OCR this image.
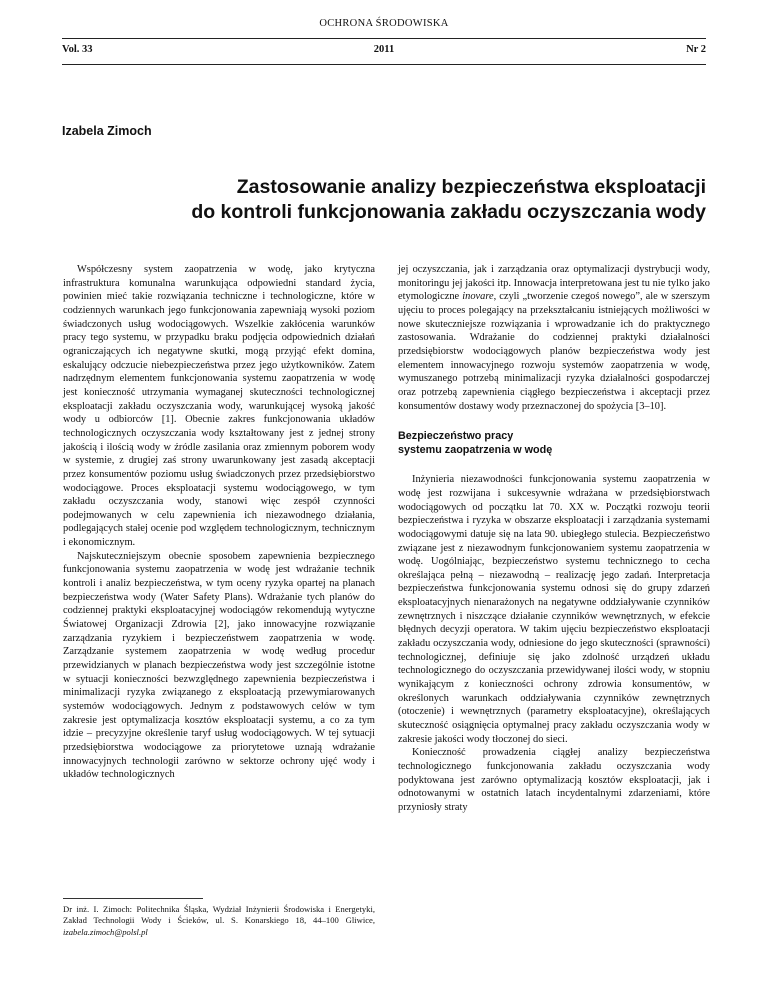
OCHRONA ŚRODOWISKA
Vol. 33	2011	Nr 2
Izabela Zimoch
Zastosowanie analizy bezpieczeństwa eksploatacji
do kontroli funkcjonowania zakładu oczyszczania wody

Współczesny system zaopatrzenia w wodę, jako krytyczna infrastruktura komunalna warunkująca odpowiedni standard życia, powinien mieć takie rozwiązania techniczne i technologiczne, które w codziennych warunkach jego funkcjonowania zapewniają wysoki poziom świadczonych usług wodociągowych. Wszelkie zakłócenia warunków pracy tego systemu, w przypadku braku podjęcia odpowiednich działań ograniczających ich negatywne skutki, mogą przyjąć efekt domina, eskalujący odczucie niebezpieczeństwa przez jego użytkowników. Zatem nadrzędnym elementem funkcjonowania systemu zaopatrzenia w wodę jest konieczność utrzymania wymaganej skuteczności technologicznej eksploatacji zakładu oczyszczania wody, warunkującej wysoką jakość wody u odbiorców [1]. Obecnie zakres funkcjonowania układów technologicznych oczyszczania wody kształtowany jest z jednej strony jakością i ilością wody w źródle zasilania oraz zmiennym poborem wody w systemie, z drugiej zaś strony uwarunkowany jest zasadą akceptacji przez konsumentów poziomu usług świadczonych przez przedsiębiorstwo wodociągowe. Proces eksploatacji systemu wodociągowego, w tym zakładu oczyszczania wody, stanowi więc zespół czynności podejmowanych w celu zapewnienia ich niezawodnego działania, podlegających stałej ocenie pod względem technologicznym, technicznym i ekonomicznym.

Najskuteczniejszym obecnie sposobem zapewnienia bezpiecznego funkcjonowania systemu zaopatrzenia w wodę jest wdrażanie technik kontroli i analiz bezpieczeństwa, w tym oceny ryzyka opartej na planach bezpieczeństwa wody (Water Safety Plans). Wdrażanie tych planów do codziennej praktyki eksploatacyjnej wodociągów rekomendują wytyczne Światowej Organizacji Zdrowia [2], jako innowacyjne rozwiązanie zarządzania ryzykiem i bezpieczeństwem zaopatrzenia w wodę. Zarządzanie systemem zaopatrzenia w wodę według procedur przewidzianych w planach bezpieczeństwa wody jest szczególnie istotne w sytuacji konieczności bezwzględnego zapewnienia bezpieczeństwa i minimalizacji ryzyka związanego z eksploatacją przewymiarowanych systemów wodociągowych. Jednym z podstawowych celów w tym zakresie jest optymalizacja kosztów eksploatacji systemu, a co za tym idzie – precyzyjne określenie taryf usług wodociągowych. W tej sytuacji przedsiębiorstwa wodociągowe za priorytetowe uznają wdrażanie innowacyjnych technologii zarówno w sektorze ochrony ujęć wody i układów technologicznych

Dr inż. I. Zimoch: Politechnika Śląska, Wydział Inżynierii Środowiska i Energetyki, Zakład Technologii Wody i Ścieków, ul. S. Konarskiego 18, 44–100 Gliwice, izabela.zimoch@polsl.pl

jej oczyszczania, jak i zarządzania oraz optymalizacji dystrybucji wody, monitoringu jej jakości itp. Innowacja interpretowana jest tu nie tylko jako etymologiczne inovare, czyli „tworzenie czegoś nowego”, ale w szerszym ujęciu to proces polegający na przekształcaniu istniejących możliwości w nowe skuteczniejsze rozwiązania i wprowadzanie ich do praktycznego zastosowania. Wdrażanie do codziennej praktyki działalności przedsiębiorstw wodociągowych planów bezpieczeństwa wody jest elementem innowacyjnego rozwoju systemów zaopatrzenia w wodę, wymuszanego potrzebą minimalizacji ryzyka działalności gospodarczej oraz potrzebą zapewnienia ciągłego bezpieczeństwa i akceptacji przez konsumentów dostawy wody przeznaczonej do spożycia [3–10].

Bezpieczeństwo pracy
systemu zaopatrzenia w wodę

Inżynieria niezawodności funkcjonowania systemu zaopatrzenia w wodę jest rozwijana i sukcesywnie wdrażana w przedsiębiorstwach wodociągowych od początku lat 70. XX w. Początki rozwoju teorii bezpieczeństwa i ryzyka w obszarze eksploatacji i zarządzania systemami wodociągowymi datuje się na lata 90. ubiegłego stulecia. Bezpieczeństwo związane jest z niezawodnym funkcjonowaniem systemu zaopatrzenia w wodę. Uogólniając, bezpieczeństwo systemu technicznego to cecha określająca pełną – niezawodną – realizację jego zadań. Interpretacja bezpieczeństwa funkcjonowania systemu odnosi się do grupy zdarzeń eksploatacyjnych nienarażonych na negatywne oddziaływanie czynników zewnętrznych i niszczące działanie czynników wewnętrznych, w efekcie błędnych decyzji operatora. W takim ujęciu bezpieczeństwo eksploatacji zakładu oczyszczania wody, odniesione do jego skuteczności (sprawności) technologicznej, definiuje się jako zdolność urządzeń układu technologicznego do oczyszczania przewidywanej ilości wody, w stopniu wynikającym z konieczności ochrony zdrowia konsumentów, w określonych warunkach oddziaływania czynników zewnętrznych (otoczenie) i wewnętrznych (parametry eksploatacyjne), określających skuteczność osiągnięcia optymalnej pracy zakładu oczyszczania wody w zakresie jakości wody tłoczonej do sieci.

Konieczność prowadzenia ciągłej analizy bezpieczeństwa technologicznego funkcjonowania zakładu oczyszczania wody podyktowana jest zarówno optymalizacją kosztów eksploatacji, jak i odnotowanymi w ostatnich latach incydentalnymi zdarzeniami, które przyniosły straty
